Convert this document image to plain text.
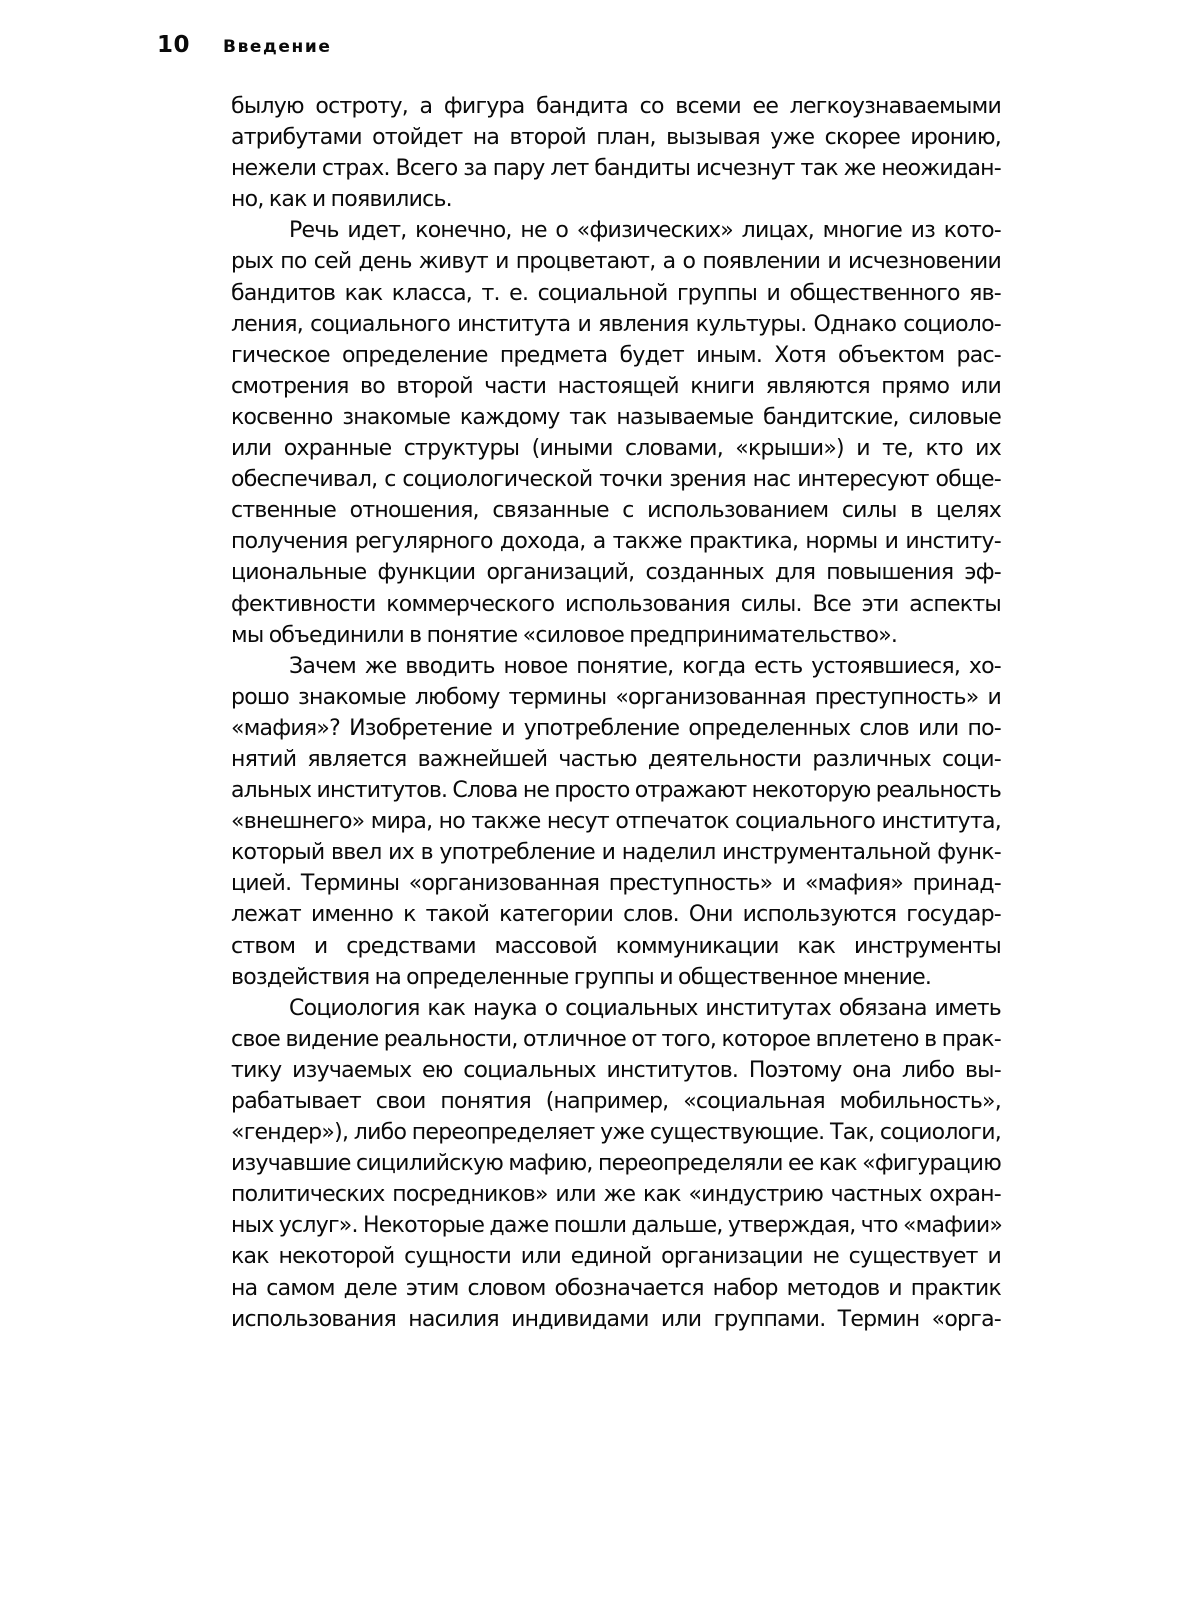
10 Введение
былую остроту, а фигура бандита со всеми ее легкоузнаваемыми
атрибутами отойдет на второй план, вызывая уже скорее иронию,
нежели страх. Всего за пару лет бандиты исчезнут так же неожидан-
но, как и появились.
Речь идет, конечно, не о «физических» лицах, многие из кото-
рых по сей день живут и процветают, а о появлении и исчезновении
бандитов как класса, т. е. социальной группы и общественного яв-
ления, социального института и явления культуры. Однако социоло-
гическое определение предмета будет иным. Хотя объектом рас-
смотрения во второй части настоящей книги являются прямо или
косвенно знакомые каждому так называемые бандитские, силовые
или охранные структуры (иными словами, «крыши») и те, кто их
обеспечивал, с социологической точки зрения нас интересуют обще-
ственные отношения, связанные с использованием силы в целях
получения регулярного дохода, а также практика, нормы и институ-
циональные функции организаций, созданных для повышения эф-
фективности коммерческого использования силы. Все эти аспекты
мы объединили в понятие «силовое предпринимательство».
Зачем же вводить новое понятие, когда есть устоявшиеся, хо-
рошо знакомые любому термины «организованная преступность» и
«мафия»? Изобретение и употребление определенных слов или по-
нятий является важнейшей частью деятельности различных соци-
альных институтов. Слова не просто отражают некоторую реальность
«внешнего» мира, но также несут отпечаток социального института,
который ввел их в употребление и наделил инструментальной функ-
цией. Термины «организованная преступность» и «мафия» принад-
лежат именно к такой категории слов. Они используются государ-
ством и средствами массовой коммуникации как инструменты
воздействия на определенные группы и общественное мнение.
Социология как наука о социальных институтах обязана иметь
свое видение реальности, отличное от того, которое вплетено в прак-
тику изучаемых ею социальных институтов. Поэтому она либо вы-
рабатывает свои понятия (например, «социальная мобильность»,
«гендер»), либо переопределяет уже существующие. Так, социологи,
изучавшие сицилийскую мафию, переопределяли ее как «фигурацию
политических посредников» или же как «индустрию частных охран-
ных услуг». Некоторые даже пошли дальше, утверждая, что «мафии»
как некоторой сущности или единой организации не существует и
на самом деле этим словом обозначается набор методов и практик
использования насилия индивидами или группами. Термин «орга-
